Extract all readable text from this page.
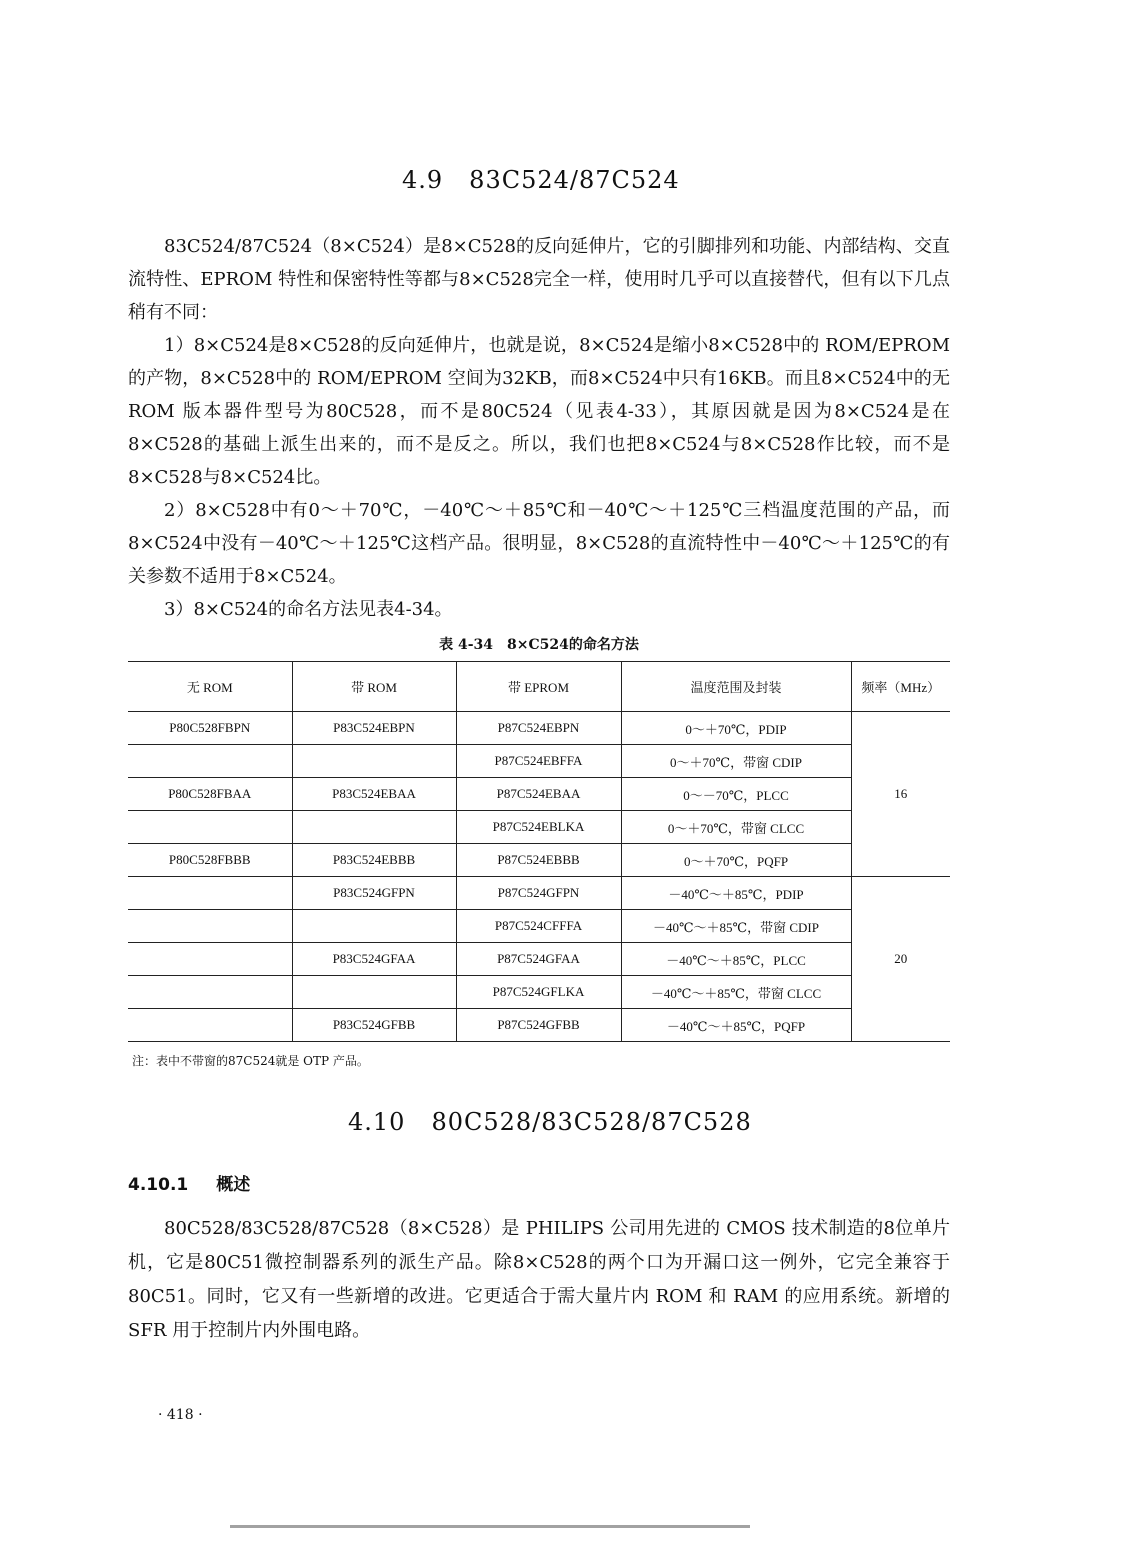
4.9 83C524/87C524

83C524/87C524（8×C524）是8×C528的反向延伸片，它的引脚排列和功能、内部结构、交直流特性、EPROM 特性和保密特性等都与8×C528完全一样，使用时几乎可以直接替代，但有以下几点稍有不同：

1）8×C524是8×C528的反向延伸片，也就是说，8×C524是缩小8×C528中的 ROM/EPROM 的产物，8×C528中的 ROM/EPROM 空间为32KB，而8×C524中只有16KB。而且8×C524中的无 ROM 版本器件型号为80C528，而不是80C524（见表4-33），其原因就是因为8×C524是在8×C528的基础上派生出来的，而不是反之。所以，我们也把8×C524与8×C528作比较，而不是8×C528与8×C524比。

2）8×C528中有0～＋70℃，－40℃～＋85℃和－40℃～＋125℃三档温度范围的产品，而8×C524中没有－40℃～＋125℃这档产品。很明显，8×C528的直流特性中－40℃～＋125℃的有关参数不适用于8×C524。

3）8×C524的命名方法见表4-34。

表 4-34　8×C524的命名方法
无 ROM	带 ROM	带 EPROM	温度范围及封装	频率（MHz）
P80C528FBPN	P83C524EBPN	P87C524EBPN	0～＋70℃，PDIP	16
		P87C524EBFFA	0～＋70℃，带窗 CDIP	
P80C528FBAA	P83C524EBAA	P87C524EBAA	0～－70℃，PLCC	
		P87C524EBLKA	0～＋70℃，带窗 CLCC	
P80C528FBBB	P83C524EBBB	P87C524EBBB	0～＋70℃，PQFP	
	P83C524GFPN	P87C524GFPN	－40℃～＋85℃，PDIP	20
		P87C524CFFFA	－40℃～＋85℃，带窗 CDIP	
	P83C524GFAA	P87C524GFAA	－40℃～＋85℃，PLCC	
		P87C524GFLKA	－40℃～＋85℃，带窗 CLCC	
	P83C524GFBB	P87C524GFBB	－40℃～＋85℃，PQFP	
注：表中不带窗的87C524就是 OTP 产品。
4.10 80C528/83C528/87C528
4.10.1 概述

80C528/83C528/87C528（8×C528）是 PHILIPS 公司用先进的 CMOS 技术制造的8位单片机，它是80C51微控制器系列的派生产品。除8×C528的两个口为开漏口这一例外，它完全兼容于80C51。同时，它又有一些新增的改进。它更适合于需大量片内 ROM 和 RAM 的应用系统。新增的 SFR 用于控制片内外围电路。

· 418 ·
